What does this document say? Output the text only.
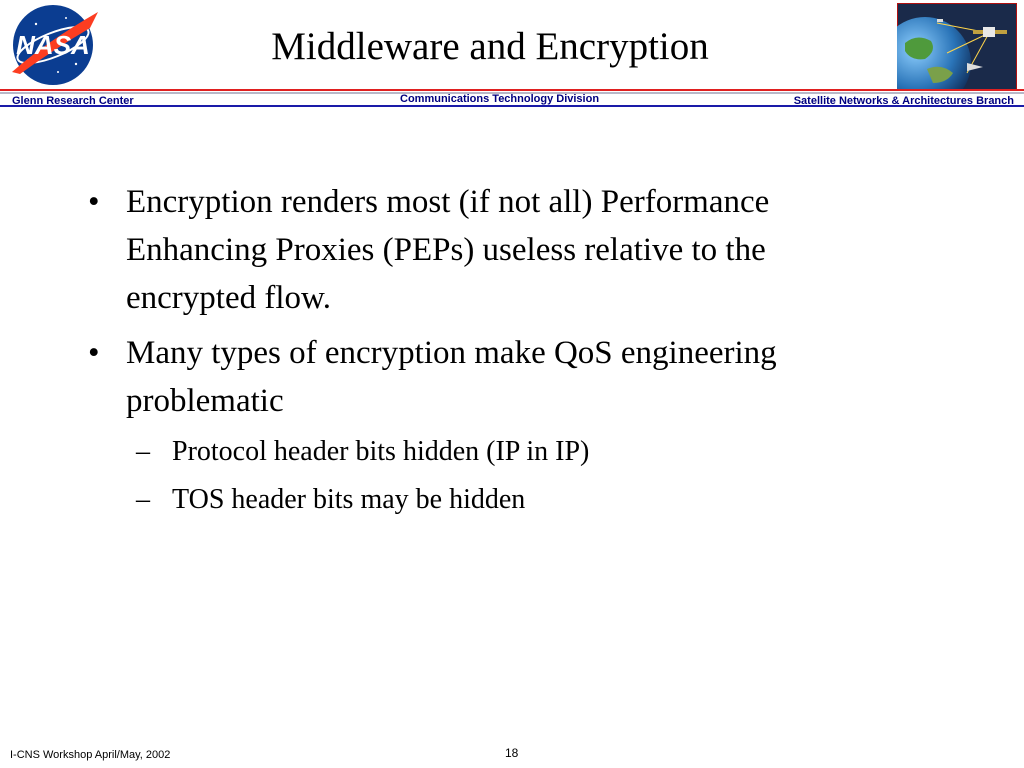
NASA	Middleware and Encryption
Glenn Research Center	Communications Technology Division	Satellite Networks & Architectures Branch
• Encryption renders most (if not all) Performance
Enhancing Proxies (PEPs) useless relative to the
encrypted flow.
• Many types of encryption make QoS engineering
problematic
– Protocol header bits hidden (IP in IP)
– TOS header bits may be hidden
I-CNS Workshop April/May, 2002	18
